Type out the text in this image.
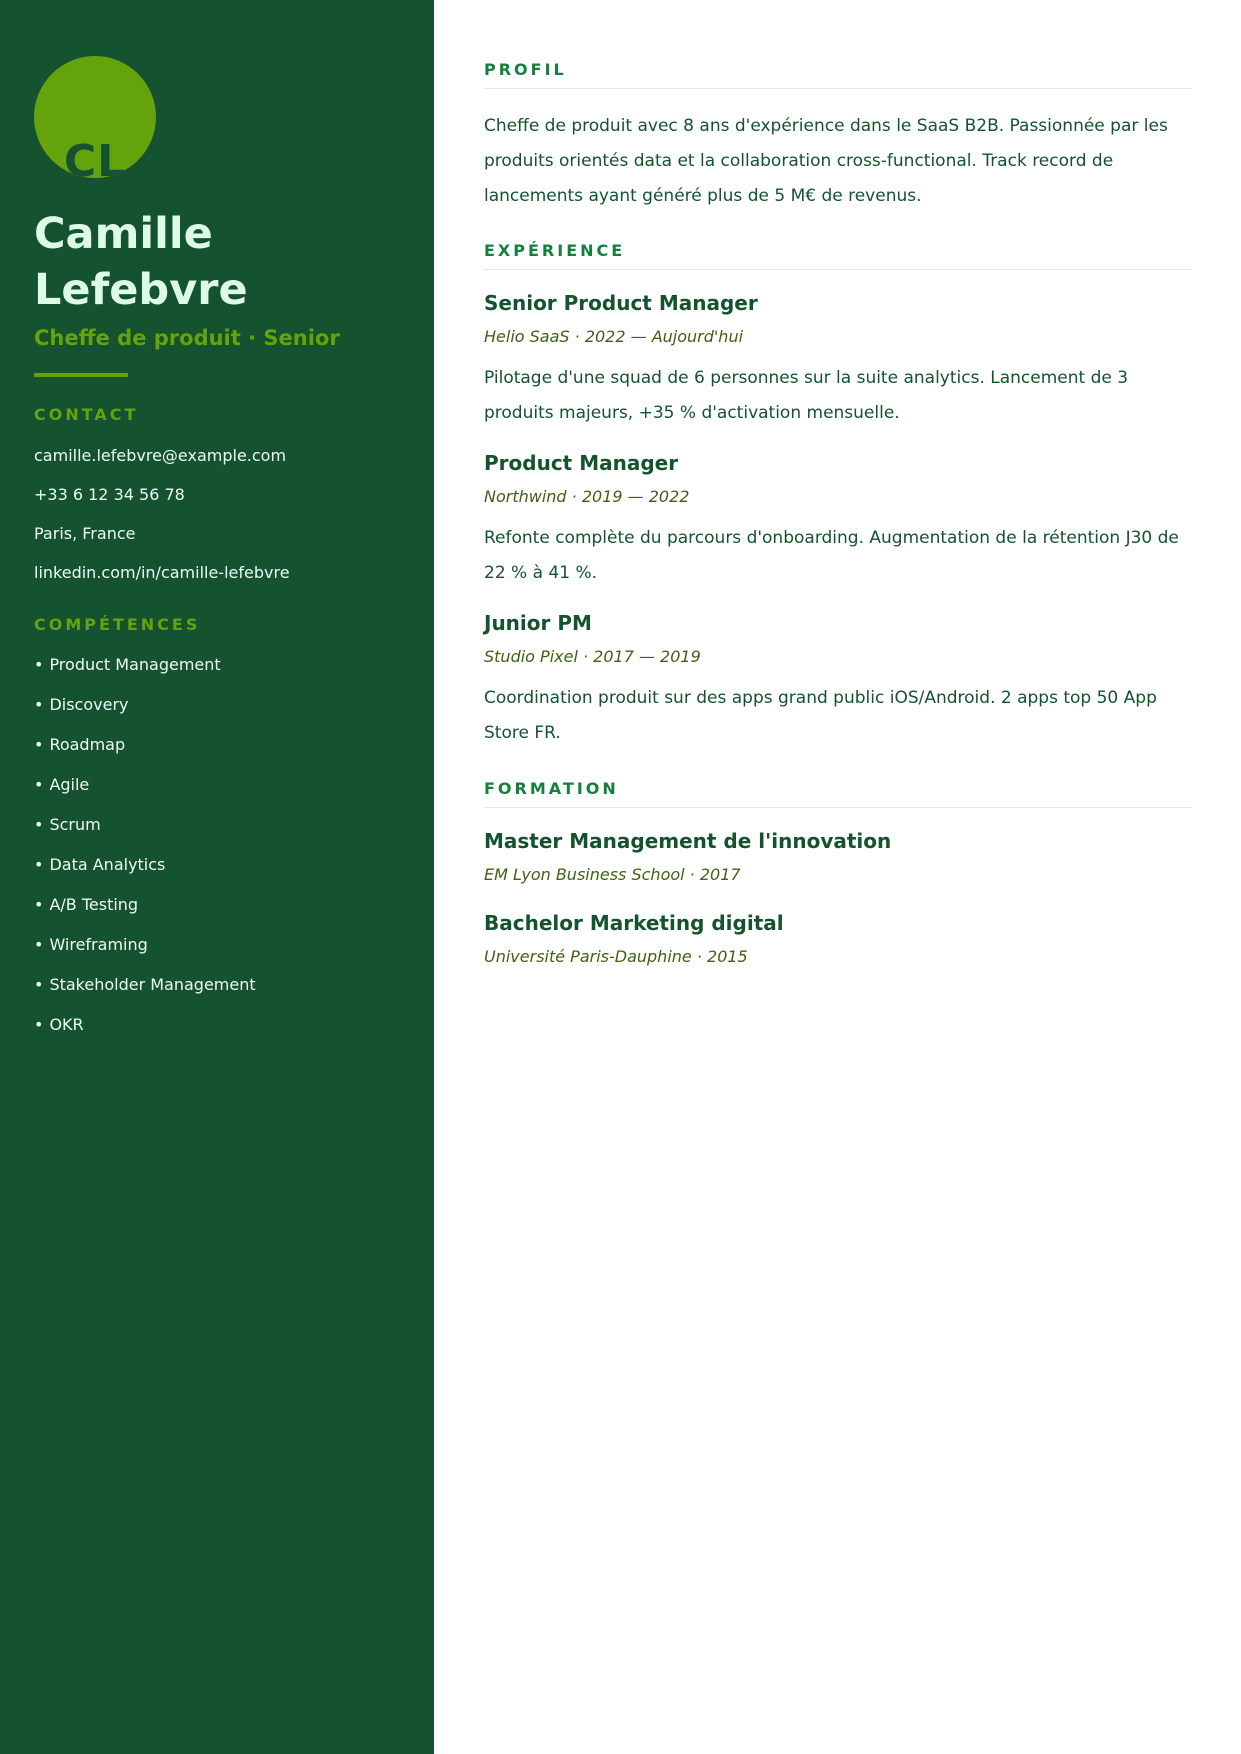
CL
Camille
Lefebvre
Cheffe de produit · Senior
CONTACT
camille.lefebvre@example.com
+33 6 12 34 56 78
Paris, France
linkedin.com/in/camille-lefebvre
COMPÉTENCES
• Product Management
• Discovery
• Roadmap
• Agile
• Scrum
• Data Analytics
• A/B Testing
• Wireframing
• Stakeholder Management
• OKR
PROFIL
Cheffe de produit avec 8 ans d'expérience dans le SaaS B2B. Passionnée par les produits orientés data et la collaboration cross-functional. Track record de lancements ayant généré plus de 5 M€ de revenus.
EXPÉRIENCE
Senior Product Manager
Helio SaaS · 2022 — Aujourd'hui
Pilotage d'une squad de 6 personnes sur la suite analytics. Lancement de 3 produits majeurs, +35 % d'activation mensuelle.
Product Manager
Northwind · 2019 — 2022
Refonte complète du parcours d'onboarding. Augmentation de la rétention J30 de 22 % à 41 %.
Junior PM
Studio Pixel · 2017 — 2019
Coordination produit sur des apps grand public iOS/Android. 2 apps top 50 App Store FR.
FORMATION
Master Management de l'innovation
EM Lyon Business School · 2017
Bachelor Marketing digital
Université Paris-Dauphine · 2015
